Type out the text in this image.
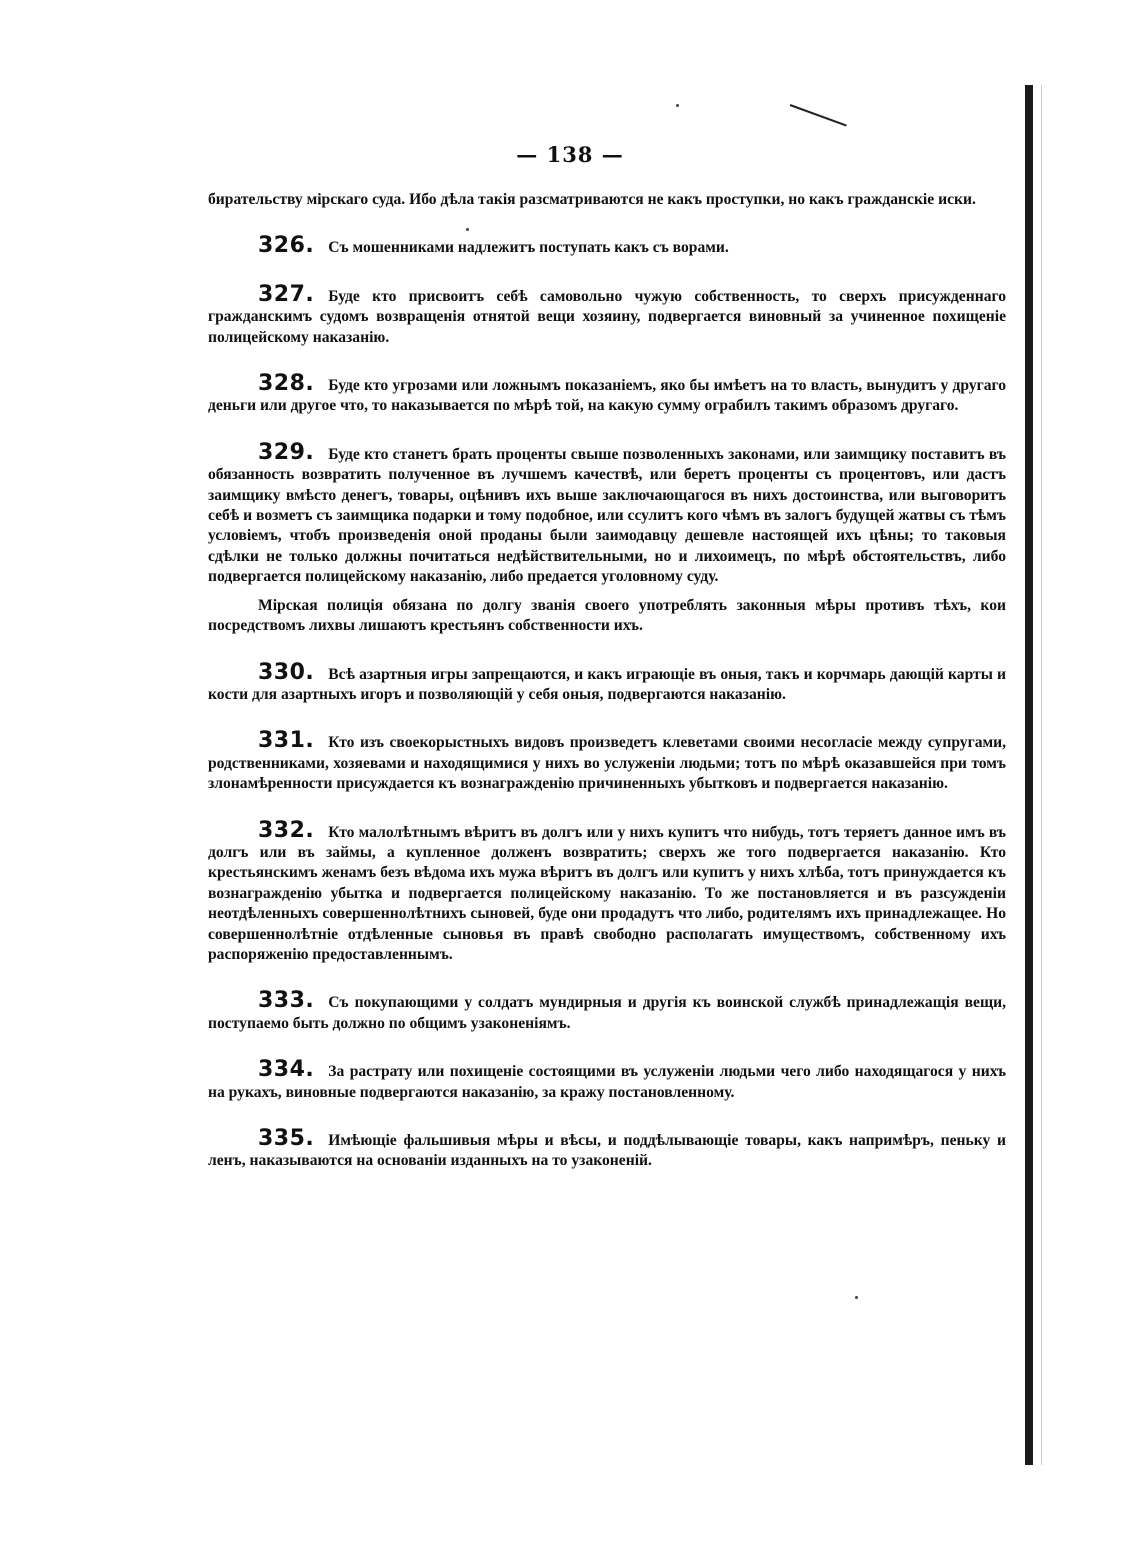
— 138 —

бирательству мірскаго суда. Ибо дѣла такія разсматриваются не какъ проступки, но какъ гражданскіе иски.

326. Съ мошенниками надлежитъ поступать какъ съ ворами.

327. Буде кто присвоитъ себѣ самовольно чужую собственность, то сверхъ присужденнаго гражданскимъ судомъ возвращенія отнятой вещи хозяину, подвергается виновный за учиненное похищеніе полицейскому наказанію.

328. Буде кто угрозами или ложнымъ показаніемъ, яко бы имѣетъ на то власть, вынудитъ у другаго деньги или другое что, то наказывается по мѣрѣ той, на какую сумму ограбилъ такимъ образомъ другаго.

329. Буде кто станетъ брать проценты свыше позволенныхъ законами, или заимщику поставитъ въ обязанность возвратить полученное въ лучшемъ качествѣ, или беретъ проценты съ процентовъ, или дастъ заимщику вмѣсто денегъ, товары, оцѣнивъ ихъ выше заключающагося въ нихъ достоинства, или выговоритъ себѣ и возметъ съ заимщика подарки и тому подобное, или ссулитъ кого чѣмъ въ залогъ будущей жатвы съ тѣмъ условіемъ, чтобъ произведенія оной проданы были заимодавцу дешевле настоящей ихъ цѣны; то таковыя сдѣлки не только должны почитаться недѣйствительными, но и лихоимецъ, по мѣрѣ обстоятельствъ, либо подвергается полицейскому наказанію, либо предается уголовному суду.

Мірская полиція обязана по долгу званія своего употреблять законныя мѣры противъ тѣхъ, кои посредствомъ лихвы лишаютъ крестьянъ собственности ихъ.

330. Всѣ азартныя игры запрещаются, и какъ играющіе въ оныя, такъ и корчмарь дающій карты и кости для азартныхъ игоръ и позволяющій у себя оныя, подвергаются наказанію.

331. Кто изъ своекорыстныхъ видовъ произведетъ клеветами своими несогласіе между супругами, родственниками, хозяевами и находящимися у нихъ во услуженіи людьми; тотъ по мѣрѣ оказавшейся при томъ злонамѣренности присуждается къ вознагражденію причиненныхъ убытковъ и подвергается наказанію.

332. Кто малолѣтнымъ вѣритъ въ долгъ или у нихъ купитъ что нибудь, тотъ теряетъ данное имъ въ долгъ или въ займы, а купленное долженъ возвратить; сверхъ же того подвергается наказанію. Кто крестьянскимъ женамъ безъ вѣдома ихъ мужа вѣритъ въ долгъ или купитъ у нихъ хлѣба, тотъ принуждается къ вознагражденію убытка и подвергается полицейскому наказанію. То же постановляется и въ разсужденіи неотдѣленныхъ совершеннолѣтнихъ сыновей, буде они продадутъ что либо, родителямъ ихъ принадлежащее. Но совершеннолѣтніе отдѣленные сыновья въ правѣ свободно располагать имуществомъ, собственному ихъ распоряженію предоставленнымъ.

333. Съ покупающими у солдатъ мундирныя и другія къ воинской службѣ принадлежащія вещи, поступаемо быть должно по общимъ узаконеніямъ.

334. За растрату или похищеніе состоящими въ услуженіи людьми чего либо находящагося у нихъ на рукахъ, виновные подвергаются наказанію, за кражу постановленному.

335. Имѣющіе фальшивыя мѣры и вѣсы, и поддѣлывающіе товары, какъ напримѣръ, пеньку и ленъ, наказываются на основаніи изданныхъ на то узаконеній.
